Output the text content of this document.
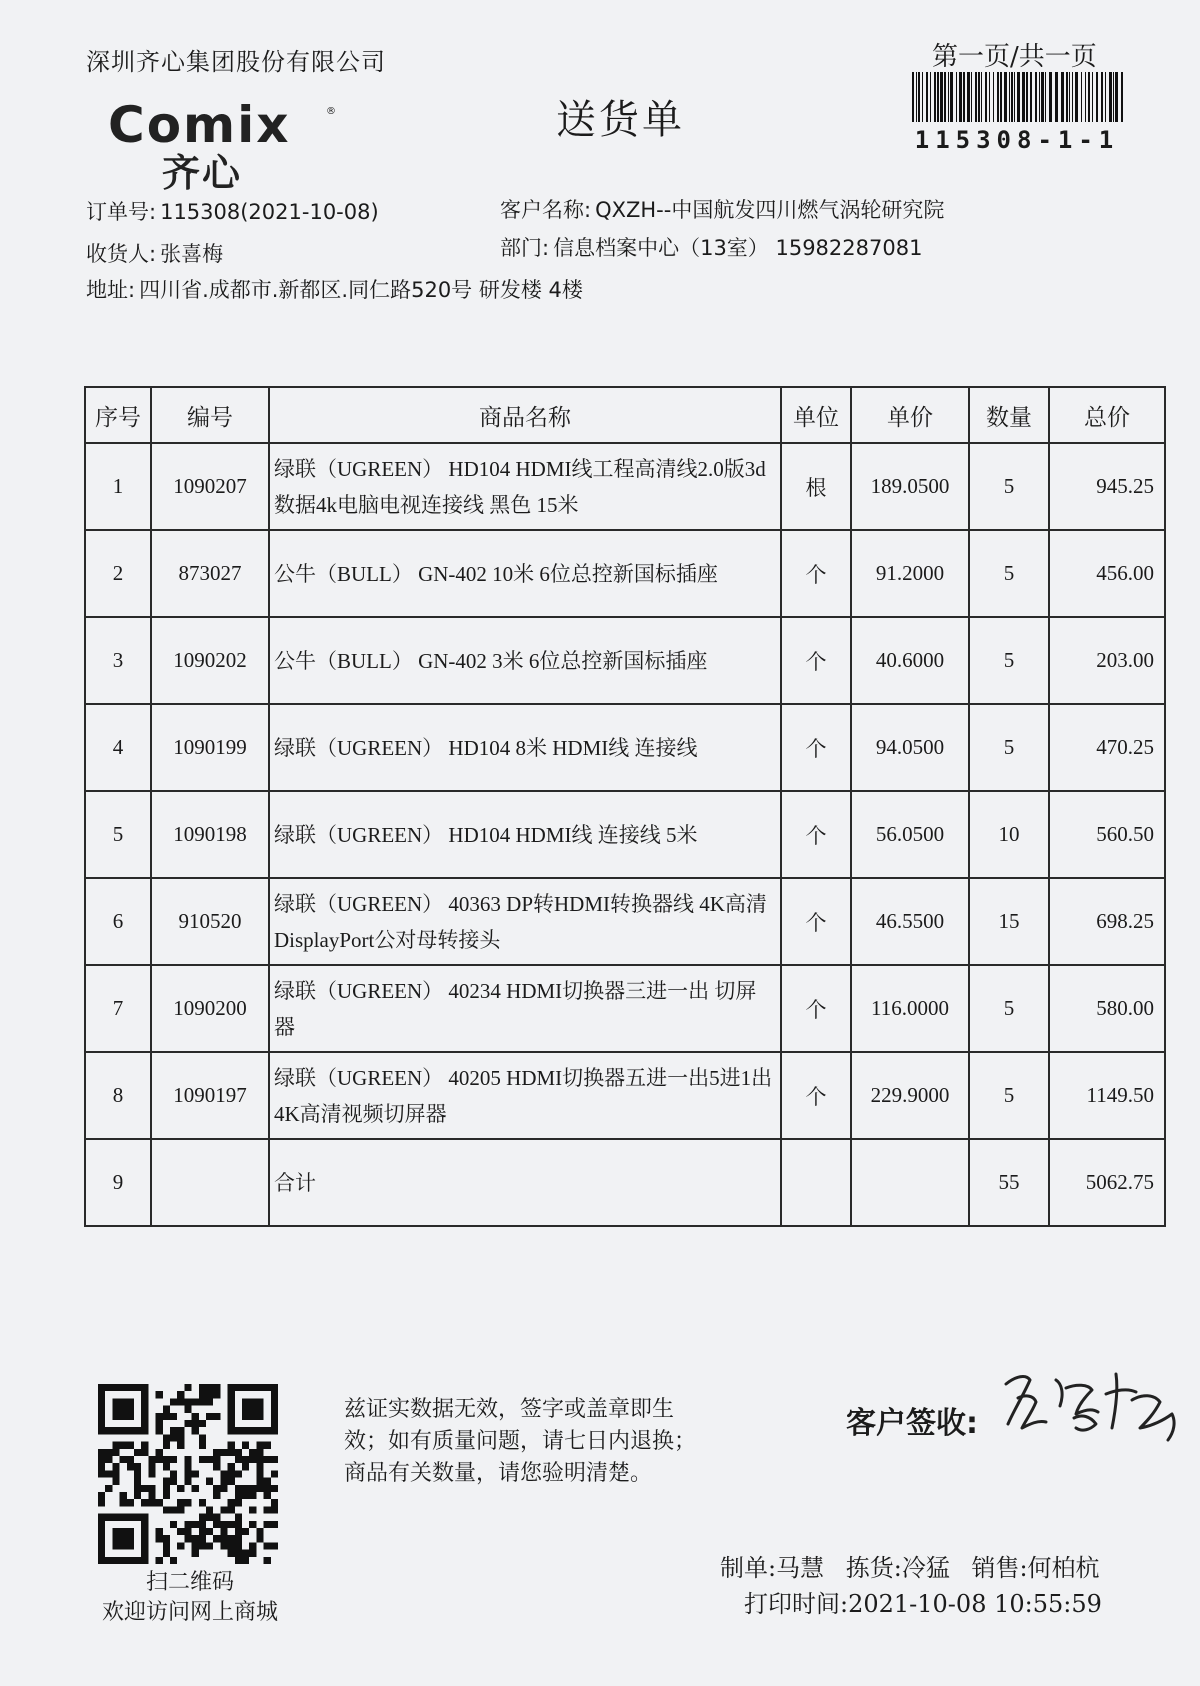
深圳齐心集团股份有限公司	第一页/共一页
115308-1-1
Comix	®
齐心
送货单
订单号: 115308(2021-10-08)	客户名称: QXZH--中国航发四川燃气涡轮研究院
收货人: 张喜梅	部门: 信息档案中心（13室） 15982287081
地址: 四川省.成都市.新都区.同仁路520号 研发楼 4楼
序号	编号	商品名称	单位	单价	数量	总价
1	1090207	绿联（UGREEN） HD104 HDMI线工程高清线2.0版3d数据4k电脑电视连接线 黑色 15米	根	189.0500	5	945.25
2	873027	公牛（BULL） GN-402 10米 6位总控新国标插座	个	91.2000	5	456.00
3	1090202	公牛（BULL） GN-402 3米 6位总控新国标插座	个	40.6000	5	203.00
4	1090199	绿联（UGREEN） HD104 8米 HDMI线 连接线	个	94.0500	5	470.25
5	1090198	绿联（UGREEN） HD104 HDMI线 连接线 5米	个	56.0500	10	560.50
6	910520	绿联（UGREEN） 40363 DP转HDMI转换器线 4K高清DisplayPort公对母转接头	个	46.5500	15	698.25
7	1090200	绿联（UGREEN） 40234 HDMI切换器三进一出 切屏器	个	116.0000	5	580.00
8	1090197	绿联（UGREEN） 40205 HDMI切换器五进一出5进1出 4K高清视频切屏器	个	229.9000	5	1149.50
9		合计			55	5062.75
扫二维码
欢迎访问网上商城
兹证实数据无效，签字或盖章即生
效；如有质量问题，请七日内退换；
商品有关数量，请您验明清楚。
客户签收:
制单:马慧 拣货:冷猛 销售:何柏杭
打印时间:2021-10-08 10:55:59
